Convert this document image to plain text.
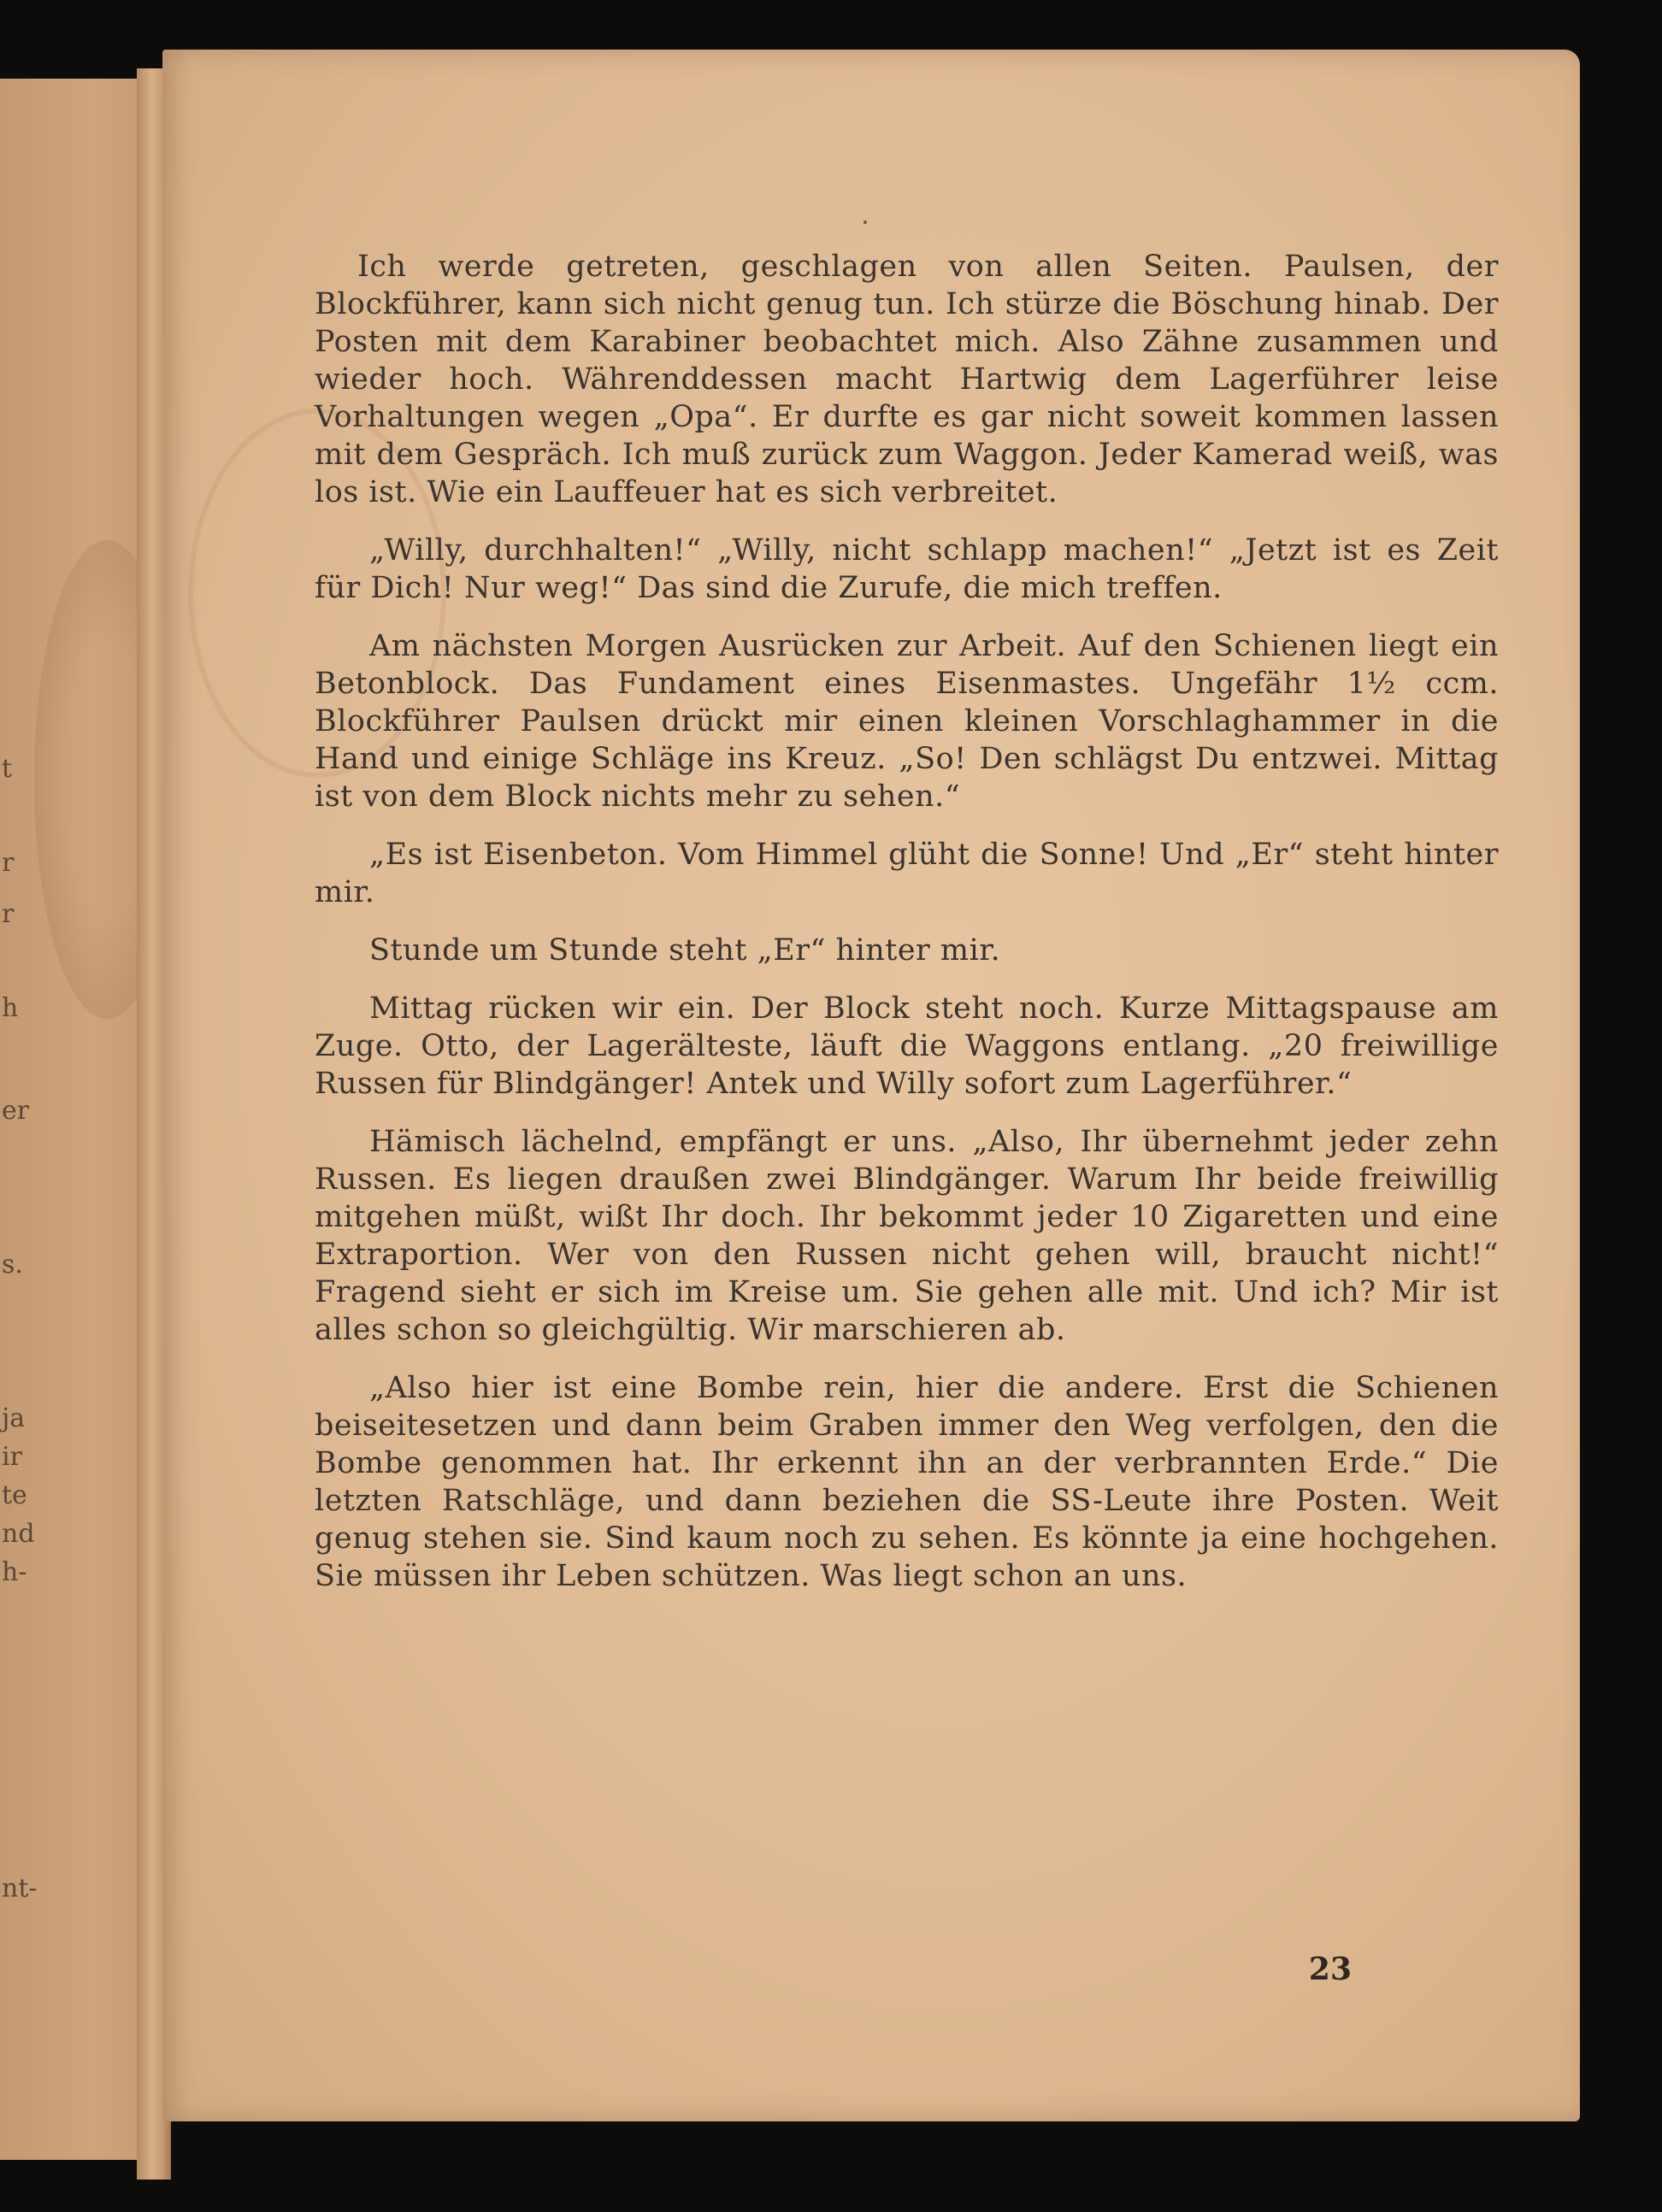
t
r
r
h
er
s.
ja
ir
te
nd
h-
nt-

Ich werde getreten, geschlagen von allen Seiten. Paulsen, der Blockführer, kann sich nicht genug tun. Ich stürze die Böschung hinab. Der Posten mit dem Karabiner beobachtet mich. Also Zähne zusammen und wieder hoch. Währenddessen macht Hartwig dem Lagerführer leise Vorhaltungen wegen „Opa“. Er durfte es gar nicht soweit kommen lassen mit dem Gespräch. Ich muß zurück zum Waggon. Jeder Kamerad weiß, was los ist. Wie ein Lauffeuer hat es sich verbreitet.

„Willy, durchhalten!“ „Willy, nicht schlapp machen!“ „Jetzt ist es Zeit für Dich! Nur weg!“ Das sind die Zurufe, die mich treffen.

Am nächsten Morgen Ausrücken zur Arbeit. Auf den Schienen liegt ein Betonblock. Das Fundament eines Eisenmastes. Ungefähr 1½ ccm. Blockführer Paulsen drückt mir einen kleinen Vorschlaghammer in die Hand und einige Schläge ins Kreuz. „So! Den schlägst Du entzwei. Mittag ist von dem Block nichts mehr zu sehen.“

„Es ist Eisenbeton. Vom Himmel glüht die Sonne! Und „Er“ steht hinter mir.

Stunde um Stunde steht „Er“ hinter mir.

Mittag rücken wir ein. Der Block steht noch. Kurze Mittagspause am Zuge. Otto, der Lagerälteste, läuft die Waggons entlang. „20 freiwillige Russen für Blindgänger! Antek und Willy sofort zum Lagerführer.“

Hämisch lächelnd, empfängt er uns. „Also, Ihr übernehmt jeder zehn Russen. Es liegen draußen zwei Blindgänger. Warum Ihr beide freiwillig mitgehen müßt, wißt Ihr doch. Ihr bekommt jeder 10 Zigaretten und eine Extraportion. Wer von den Russen nicht gehen will, braucht nicht!“ Fragend sieht er sich im Kreise um. Sie gehen alle mit. Und ich? Mir ist alles schon so gleichgültig. Wir marschieren ab.

„Also hier ist eine Bombe rein, hier die andere. Erst die Schienen beiseitesetzen und dann beim Graben immer den Weg verfolgen, den die Bombe genommen hat. Ihr erkennt ihn an der verbrannten Erde.“ Die letzten Ratschläge, und dann beziehen die SS-Leute ihre Posten. Weit genug stehen sie. Sind kaum noch zu sehen. Es könnte ja eine hochgehen. Sie müssen ihr Leben schützen. Was liegt schon an uns.

23
